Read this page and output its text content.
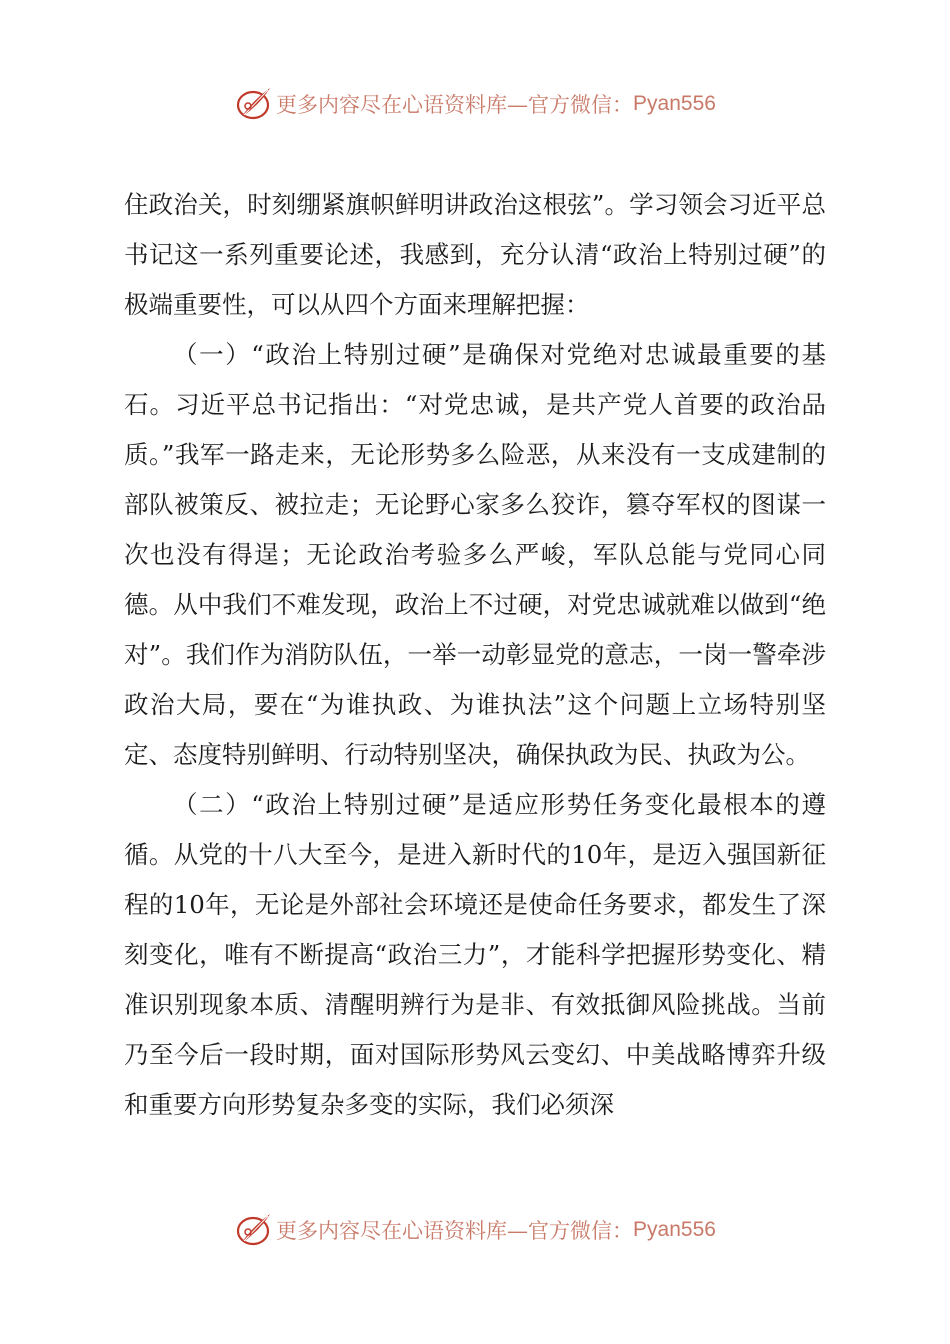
更多内容尽在心语资料库—官方微信： Pyan556

住政治关，时刻绷紧旗帜鲜明讲政治这根弦”。学习领会习近平总书记这一系列重要论述，我感到，充分认清“政治上特别过硬”的极端重要性，可以从四个方面来理解把握：

（一）“政治上特别过硬”是确保对党绝对忠诚最重要的基石。习近平总书记指出：“对党忠诚，是共产党人首要的政治品质。”我军一路走来，无论形势多么险恶，从来没有一支成建制的部队被策反、被拉走；无论野心家多么狡诈，篡夺军权的图谋一次也没有得逞；无论政治考验多么严峻，军队总能与党同心同德。从中我们不难发现，政治上不过硬，对党忠诚就难以做到“绝对”。我们作为消防队伍，一举一动彰显党的意志，一岗一警牵涉政治大局，要在“为谁执政、为谁执法”这个问题上立场特别坚定、态度特别鲜明、行动特别坚决，确保执政为民、执政为公。

（二）“政治上特别过硬”是适应形势任务变化最根本的遵循。从党的十八大至今，是进入新时代的10年，是迈入强国新征程的10年，无论是外部社会环境还是使命任务要求，都发生了深刻变化，唯有不断提高“政治三力”，才能科学把握形势变化、精准识别现象本质、清醒明辨行为是非、有效抵御风险挑战。当前乃至今后一段时期，面对国际形势风云变幻、中美战略博弈升级和重要方向形势复杂多变的实际，我们必须深

更多内容尽在心语资料库—官方微信： Pyan556
